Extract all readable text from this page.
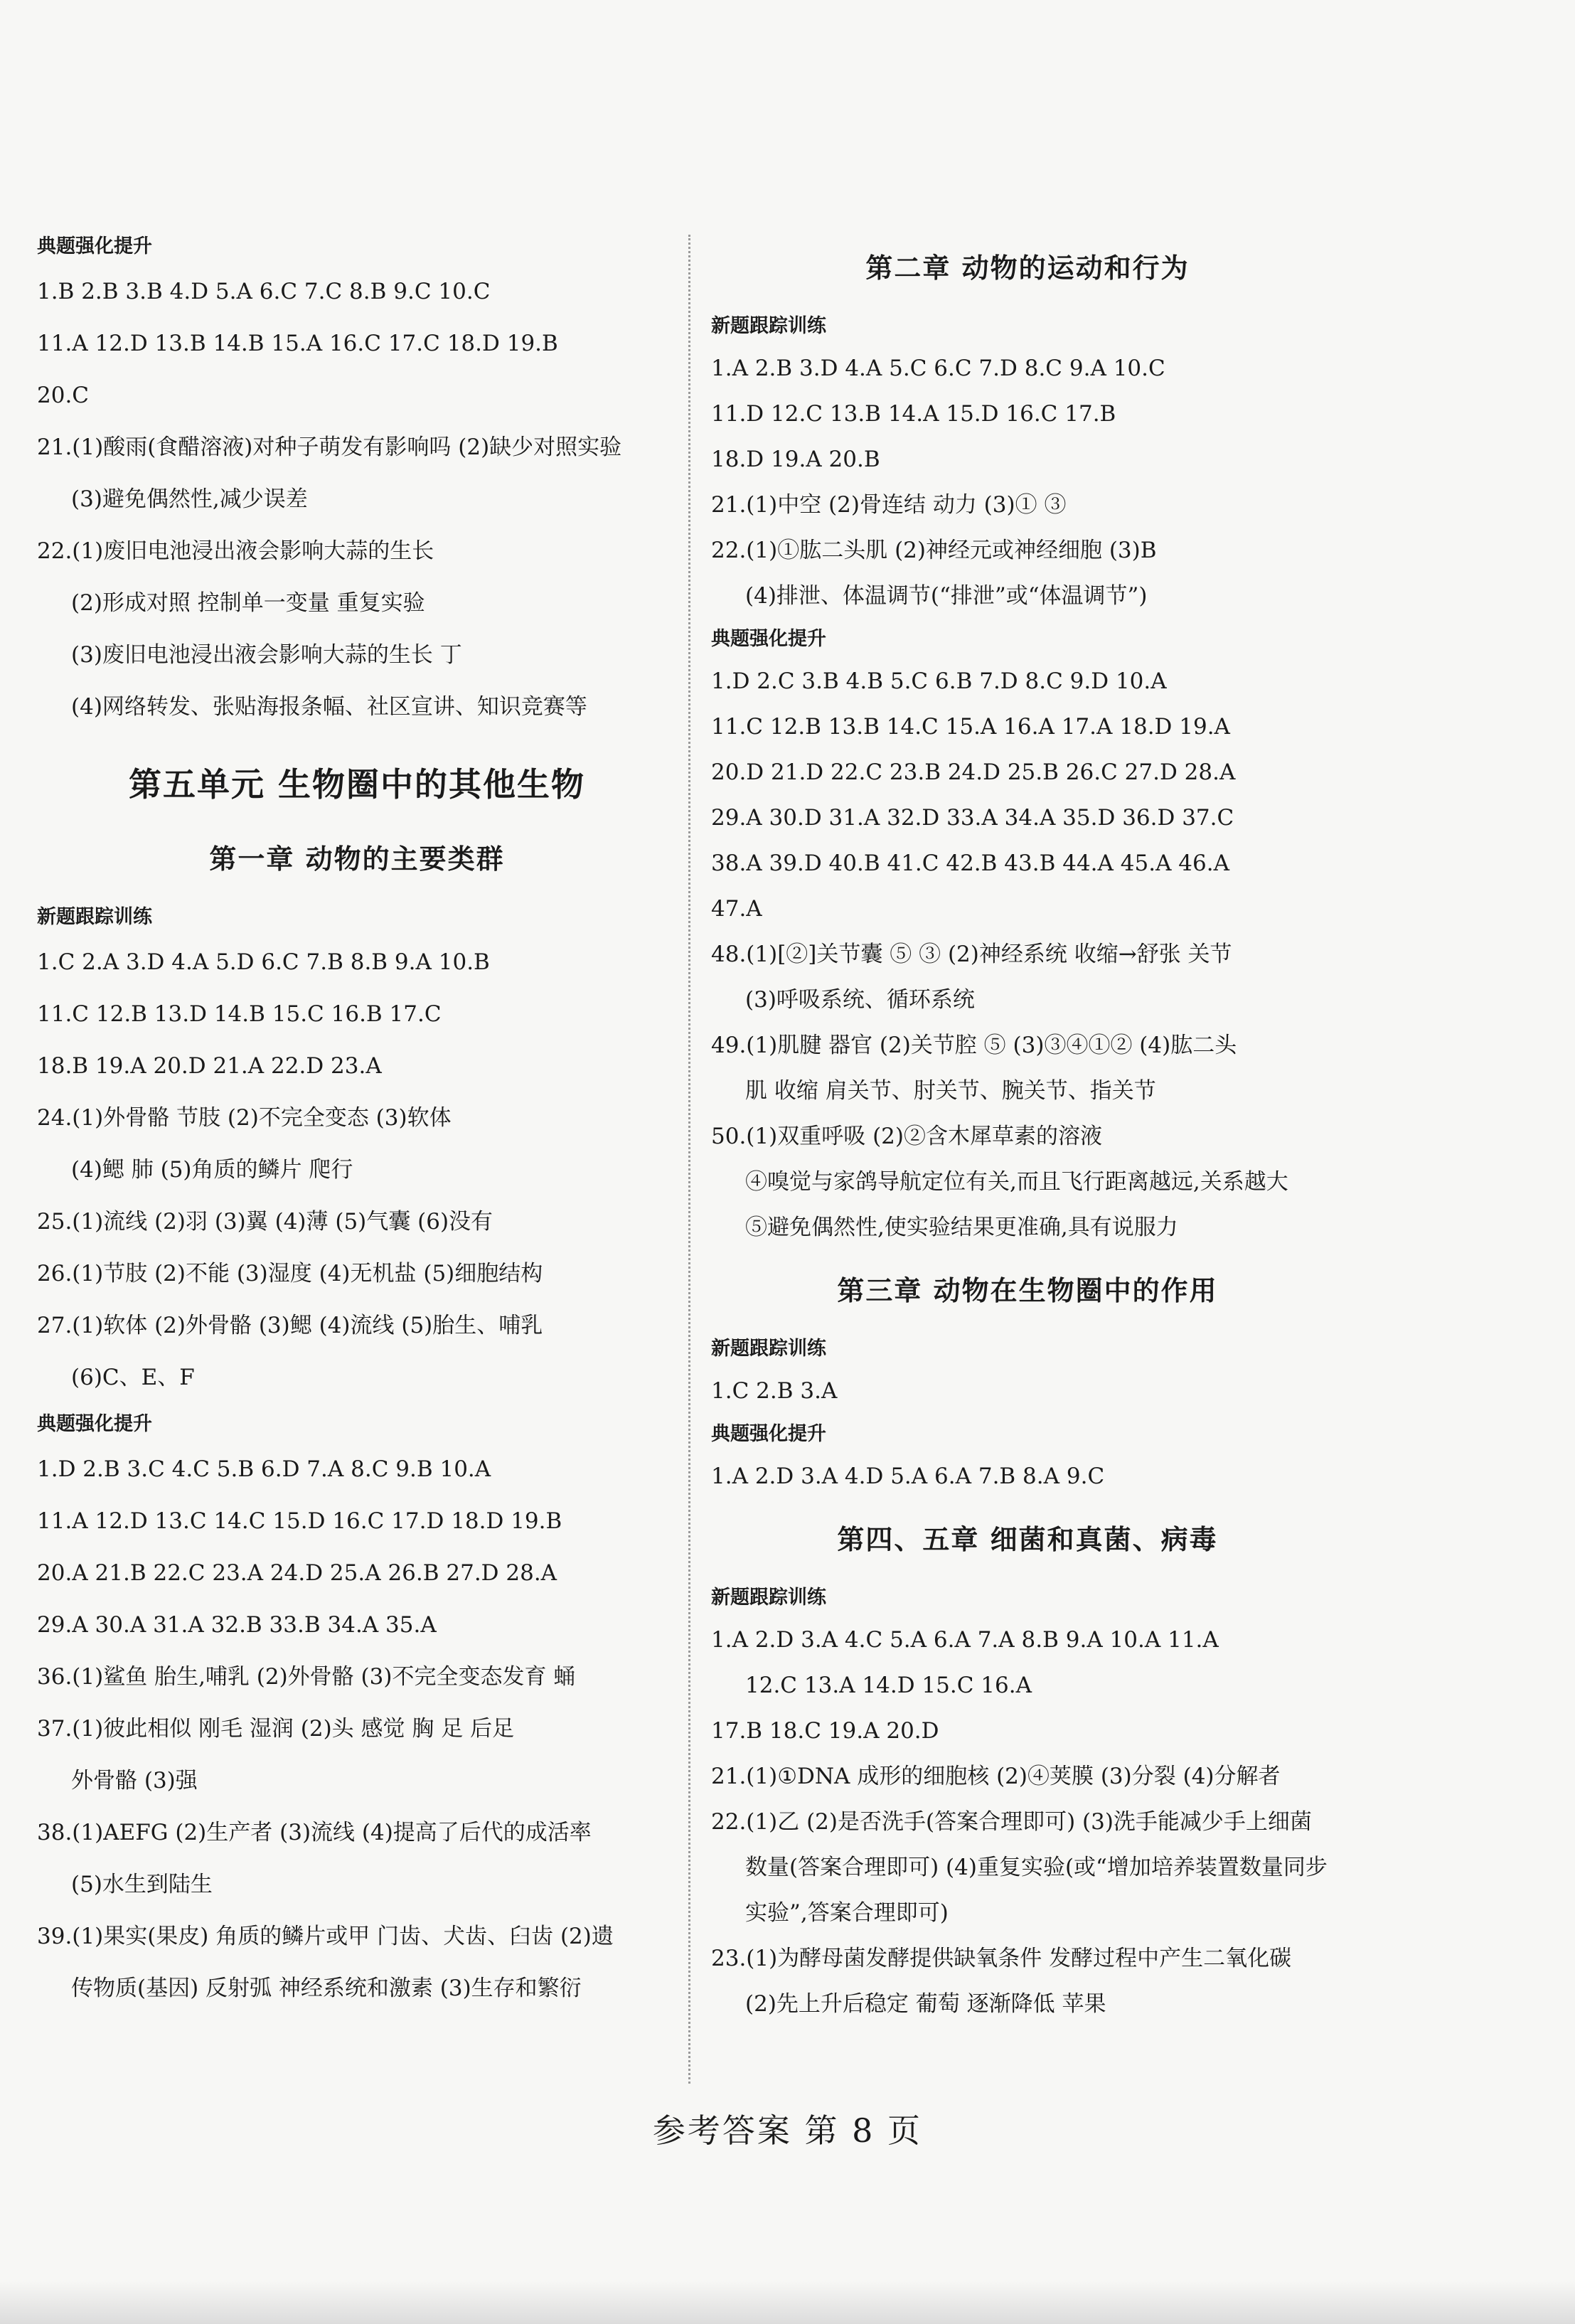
典题强化提升
1.B 2.B 3.B 4.D 5.A 6.C 7.C 8.B 9.C 10.C
11.A 12.D 13.B 14.B 15.A 16.C 17.C 18.D 19.B
20.C
21.(1)酸雨(食醋溶液)对种子萌发有影响吗 (2)缺少对照实验
(3)避免偶然性,减少误差
22.(1)废旧电池浸出液会影响大蒜的生长
(2)形成对照 控制单一变量 重复实验
(3)废旧电池浸出液会影响大蒜的生长 丁
(4)网络转发、张贴海报条幅、社区宣讲、知识竞赛等
第五单元 生物圈中的其他生物
第一章 动物的主要类群
新题跟踪训练
1.C 2.A 3.D 4.A 5.D 6.C 7.B 8.B 9.A 10.B
11.C 12.B 13.D 14.B 15.C 16.B 17.C
18.B 19.A 20.D 21.A 22.D 23.A
24.(1)外骨骼 节肢 (2)不完全变态 (3)软体
(4)鳃 肺 (5)角质的鳞片 爬行
25.(1)流线 (2)羽 (3)翼 (4)薄 (5)气囊 (6)没有
26.(1)节肢 (2)不能 (3)湿度 (4)无机盐 (5)细胞结构
27.(1)软体 (2)外骨骼 (3)鳃 (4)流线 (5)胎生、哺乳
(6)C、E、F
典题强化提升
1.D 2.B 3.C 4.C 5.B 6.D 7.A 8.C 9.B 10.A
11.A 12.D 13.C 14.C 15.D 16.C 17.D 18.D 19.B
20.A 21.B 22.C 23.A 24.D 25.A 26.B 27.D 28.A
29.A 30.A 31.A 32.B 33.B 34.A 35.A
36.(1)鲨鱼 胎生,哺乳 (2)外骨骼 (3)不完全变态发育 蛹
37.(1)彼此相似 刚毛 湿润 (2)头 感觉 胸 足 后足
外骨骼 (3)强
38.(1)AEFG (2)生产者 (3)流线 (4)提高了后代的成活率
(5)水生到陆生
39.(1)果实(果皮) 角质的鳞片或甲 门齿、犬齿、臼齿 (2)遗
传物质(基因) 反射弧 神经系统和激素 (3)生存和繁衍
第二章 动物的运动和行为
新题跟踪训练
1.A 2.B 3.D 4.A 5.C 6.C 7.D 8.C 9.A 10.C
11.D 12.C 13.B 14.A 15.D 16.C 17.B
18.D 19.A 20.B
21.(1)中空 (2)骨连结 动力 (3)① ③
22.(1)①肱二头肌 (2)神经元或神经细胞 (3)B
(4)排泄、体温调节(“排泄”或“体温调节”)
典题强化提升
1.D 2.C 3.B 4.B 5.C 6.B 7.D 8.C 9.D 10.A
11.C 12.B 13.B 14.C 15.A 16.A 17.A 18.D 19.A
20.D 21.D 22.C 23.B 24.D 25.B 26.C 27.D 28.A
29.A 30.D 31.A 32.D 33.A 34.A 35.D 36.D 37.C
38.A 39.D 40.B 41.C 42.B 43.B 44.A 45.A 46.A
47.A
48.(1)[②]关节囊 ⑤ ③ (2)神经系统 收缩→舒张 关节
(3)呼吸系统、循环系统
49.(1)肌腱 器官 (2)关节腔 ⑤ (3)③④①② (4)肱二头
肌 收缩 肩关节、肘关节、腕关节、指关节
50.(1)双重呼吸 (2)②含木犀草素的溶液
④嗅觉与家鸽导航定位有关,而且飞行距离越远,关系越大
⑤避免偶然性,使实验结果更准确,具有说服力
第三章 动物在生物圈中的作用
新题跟踪训练
1.C 2.B 3.A
典题强化提升
1.A 2.D 3.A 4.D 5.A 6.A 7.B 8.A 9.C
第四、五章 细菌和真菌、病毒
新题跟踪训练
1.A 2.D 3.A 4.C 5.A 6.A 7.A 8.B 9.A 10.A 11.A
12.C 13.A 14.D 15.C 16.A
17.B 18.C 19.A 20.D
21.(1)①DNA 成形的细胞核 (2)④荚膜 (3)分裂 (4)分解者
22.(1)乙 (2)是否洗手(答案合理即可) (3)洗手能减少手上细菌
数量(答案合理即可) (4)重复实验(或“增加培养装置数量同步
实验”,答案合理即可)
23.(1)为酵母菌发酵提供缺氧条件 发酵过程中产生二氧化碳
(2)先上升后稳定 葡萄 逐渐降低 苹果
参考答案 第 8 页
